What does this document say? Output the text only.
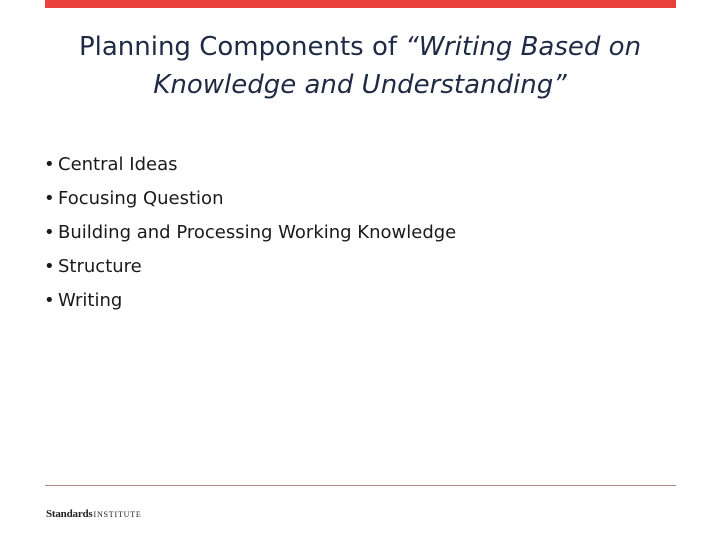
Planning Components of “Writing Based on
Knowledge and Understanding”
• Central Ideas
• Focusing Question
• Building and Processing Working Knowledge
• Structure
• Writing
StandardsINSTITUTE
